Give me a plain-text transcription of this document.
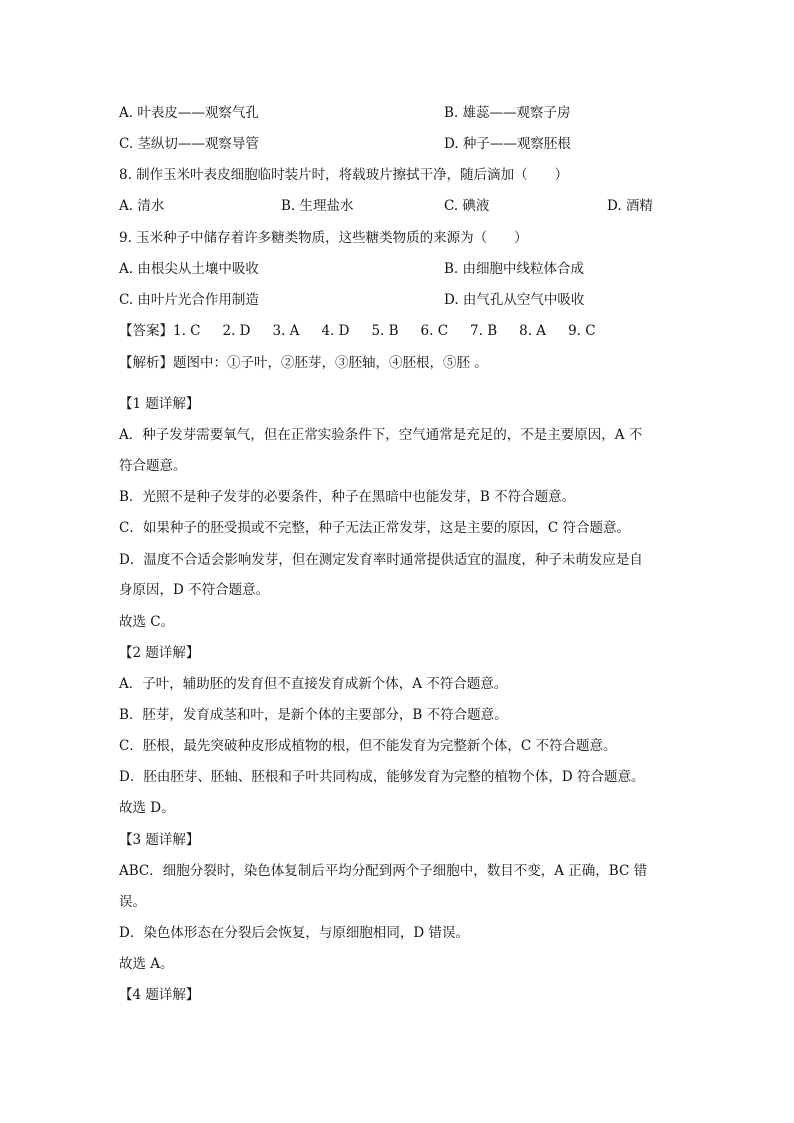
A. 叶表皮——观察气孔	B. 雄蕊——观察子房
C. 茎纵切——观察导管	D. 种子——观察胚根
8. 制作玉米叶表皮细胞临时装片时，将载玻片擦拭干净，随后滴加（　　）
A. 清水	B. 生理盐水	C. 碘液	D. 酒精
9. 玉米种子中储存着许多糖类物质，这些糖类物质的来源为（　　）
A. 由根尖从土壤中吸收	B. 由细胞中线粒体合成
C. 由叶片光合作用制造	D. 由气孔从空气中吸收
【答案】1. C 2. D 3. A 4. D 5. B 6. C 7. B 8. A 9. C
【解析】题图中：①子叶，②胚芽，③胚轴，④胚根，⑤胚 。
【1 题详解】
A．种子发芽需要氧气，但在正常实验条件下，空气通常是充足的，不是主要原因，A 不
符合题意。
B．光照不是种子发芽的必要条件，种子在黑暗中也能发芽，B 不符合题意。
C．如果种子的胚受损或不完整，种子无法正常发芽，这是主要的原因，C 符合题意。
D．温度不合适会影响发芽，但在测定发育率时通常提供适宜的温度，种子未萌发应是自
身原因，D 不符合题意。
故选 C。
【2 题详解】
A．子叶，辅助胚的发育但不直接发育成新个体，A 不符合题意。
B．胚芽，发育成茎和叶，是新个体的主要部分，B 不符合题意。
C．胚根，最先突破种皮形成植物的根，但不能发育为完整新个体，C 不符合题意。
D．胚由胚芽、胚轴、胚根和子叶共同构成，能够发育为完整的植物个体，D 符合题意。
故选 D。
【3 题详解】
ABC．细胞分裂时，染色体复制后平均分配到两个子细胞中，数目不变，A 正确，BC 错
误。
D．染色体形态在分裂后会恢复，与原细胞相同，D 错误。
故选 A。
【4 题详解】
